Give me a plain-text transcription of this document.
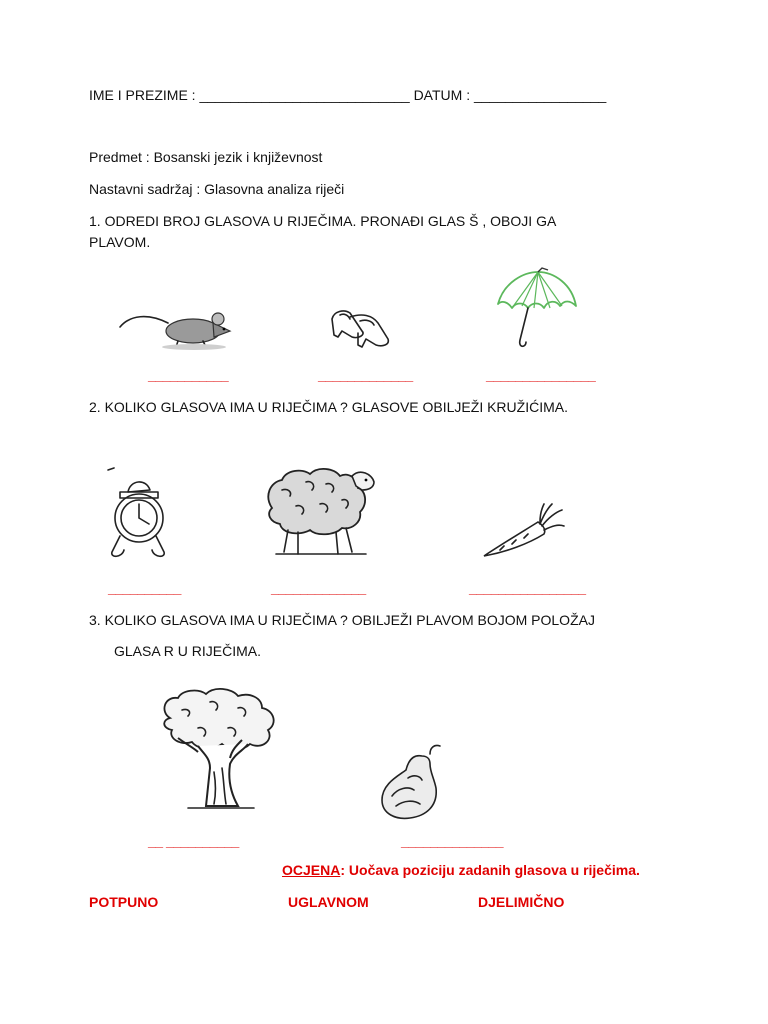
IME I PREZIME : ___________________________ DATUM : _________________
Predmet : Bosanski jezik i književnost
Nastavni sadržaj : Glasovna analiza riječi
1. ODREDI BROJ GLASOVA U RIJEČIMA. PRONAĐI GLAS Š , OBOJI GA
PLAVOM.
___________	_____________	_______________
2. KOLIKO GLASOVA IMA U RIJEČIMA ? GLASOVE OBILJEŽI KRUŽIĆIMA.
__________	_____________	________________
3. KOLIKO GLASOVA IMA U RIJEČIMA ? OBILJEŽI PLAVOM BOJOM POLOŽAJ
GLASA R U RIJEČIMA.
__ __________	______________
OCJENA: Uočava poziciju zadanih glasova u riječima.
POTPUNO	UGLAVNOM	DJELIMIČNO
